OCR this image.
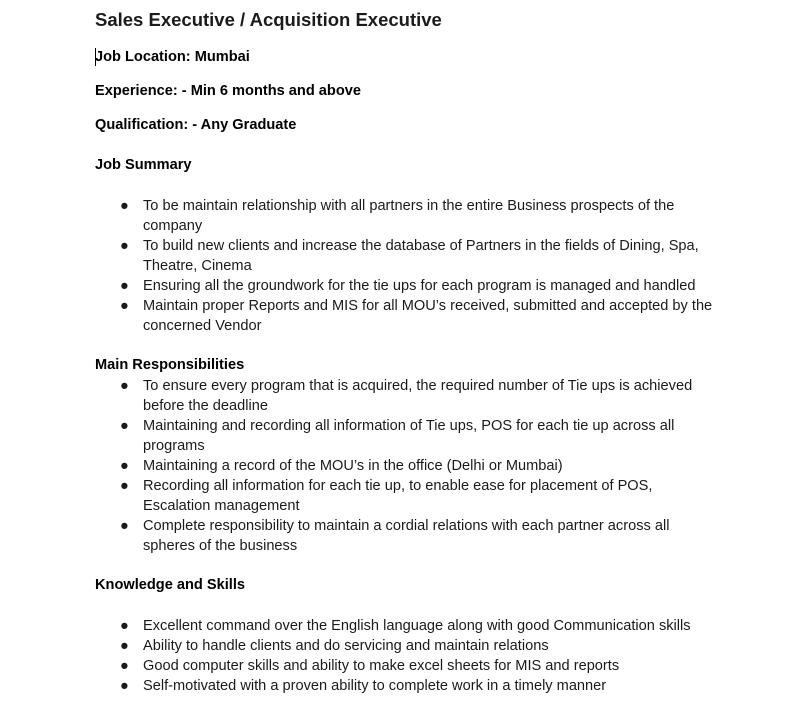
Sales Executive / Acquisition Executive

Job Location: Mumbai

Experience: - Min 6 months and above

Qualification: - Any Graduate

Job Summary
● To be maintain relationship with all partners in the entire Business prospects of the company
● To build new clients and increase the database of Partners in the fields of Dining, Spa, Theatre, Cinema
● Ensuring all the groundwork for the tie ups for each program is managed and handled
● Maintain proper Reports and MIS for all MOU’s received, submitted and accepted by the concerned Vendor
Main Responsibilities
● To ensure every program that is acquired, the required number of Tie ups is achieved before the deadline
● Maintaining and recording all information of Tie ups, POS for each tie up across all programs
● Maintaining a record of the MOU’s in the office (Delhi or Mumbai)
● Recording all information for each tie up, to enable ease for placement of POS, Escalation management
● Complete responsibility to maintain a cordial relations with each partner across all spheres of the business
Knowledge and Skills
● Excellent command over the English language along with good Communication skills
● Ability to handle clients and do servicing and maintain relations
● Good computer skills and ability to make excel sheets for MIS and reports
● Self-motivated with a proven ability to complete work in a timely manner
